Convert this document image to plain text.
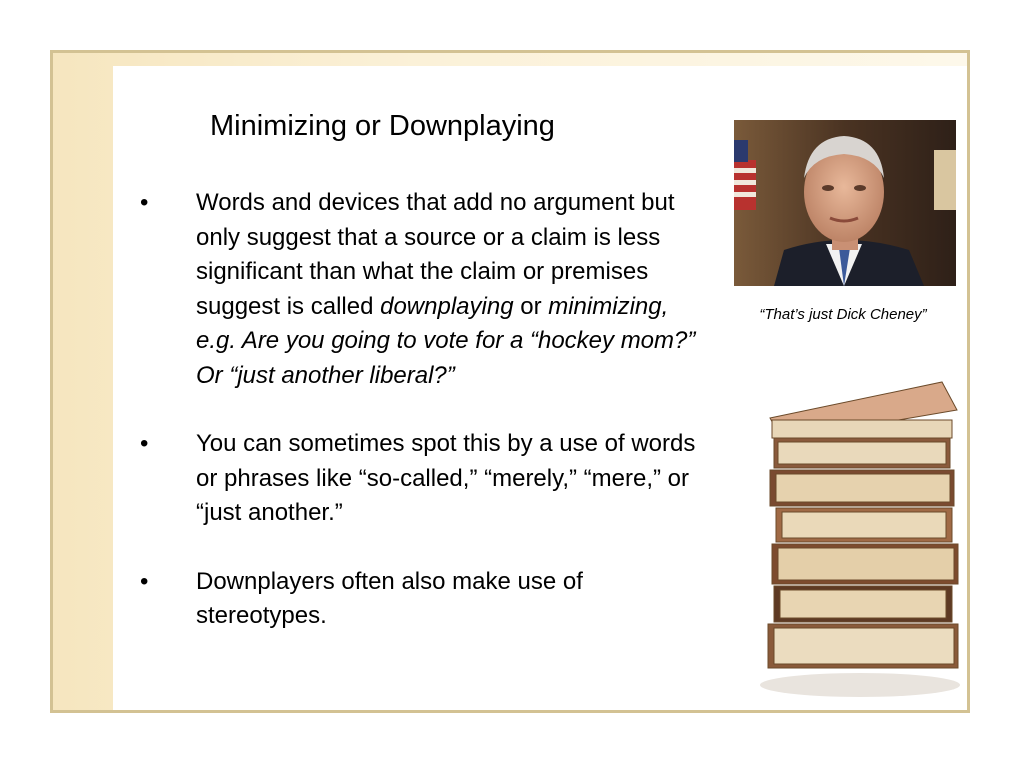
Minimizing or Downplaying
•	Words and devices that add no argument but only suggest that a source or a claim is less significant than what the claim or premises suggest is called downplaying or minimizing, e.g. Are you going to vote for a “hockey mom?” Or “just another liberal?”
•	You can sometimes spot this by a use of words or phrases like “so-called,” “merely,” “mere,” or “just another.”
•	Downplayers often also make use of stereotypes.
“That’s just Dick Cheney”
